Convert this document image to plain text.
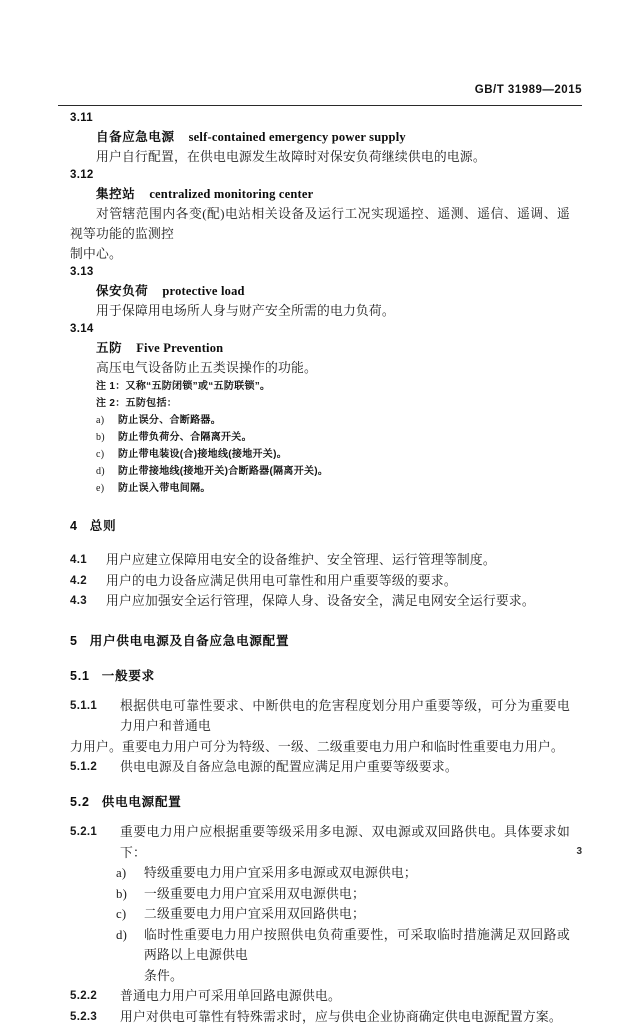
GB/T 31989—2015
3.11
自备应急电源 self-contained emergency power supply
用户自行配置，在供电电源发生故障时对保安负荷继续供电的电源。
3.12
集控站 centralized monitoring center
对管辖范围内各变(配)电站相关设备及运行工况实现遥控、遥测、遥信、遥调、遥视等功能的监测控
制中心。
3.13
保安负荷 protective load
用于保障用电场所人身与财产安全所需的电力负荷。
3.14
五防 Five Prevention
高压电气设备防止五类误操作的功能。
注 1：又称“五防闭锁”或“五防联锁”。
注 2：五防包括：
a)	防止误分、合断路器。
b)	防止带负荷分、合隔离开关。
c)	防止带电装设(合)接地线(接地开关)。
d)	防止带接地线(接地开关)合断路器(隔离开关)。
e)	防止误入带电间隔。
4 总则
4.1	用户应建立保障用电安全的设备维护、安全管理、运行管理等制度。
4.2	用户的电力设备应满足供用电可靠性和用户重要等级的要求。
4.3	用户应加强安全运行管理，保障人身、设备安全，满足电网安全运行要求。
5 用户供电电源及自备应急电源配置
5.1 一般要求
5.1.1	根据供电可靠性要求、中断供电的危害程度划分用户重要等级，可分为重要电力用户和普通电
力用户。重要电力用户可分为特级、一级、二级重要电力用户和临时性重要电力用户。
5.1.2	供电电源及自备应急电源的配置应满足用户重要等级要求。
5.2 供电电源配置
5.2.1	重要电力用户应根据重要等级采用多电源、双电源或双回路供电。具体要求如下：
a)	特级重要电力用户宜采用多电源或双电源供电；
b)	一级重要电力用户宜采用双电源供电；
c)	二级重要电力用户宜采用双回路供电；
d)	临时性重要电力用户按照供电负荷重要性，可采取临时措施满足双回路或两路以上电源供电
条件。
5.2.2	普通电力用户可采用单回路电源供电。
5.2.3	用户对供电可靠性有特殊需求时，应与供电企业协商确定供电电源配置方案。
3
